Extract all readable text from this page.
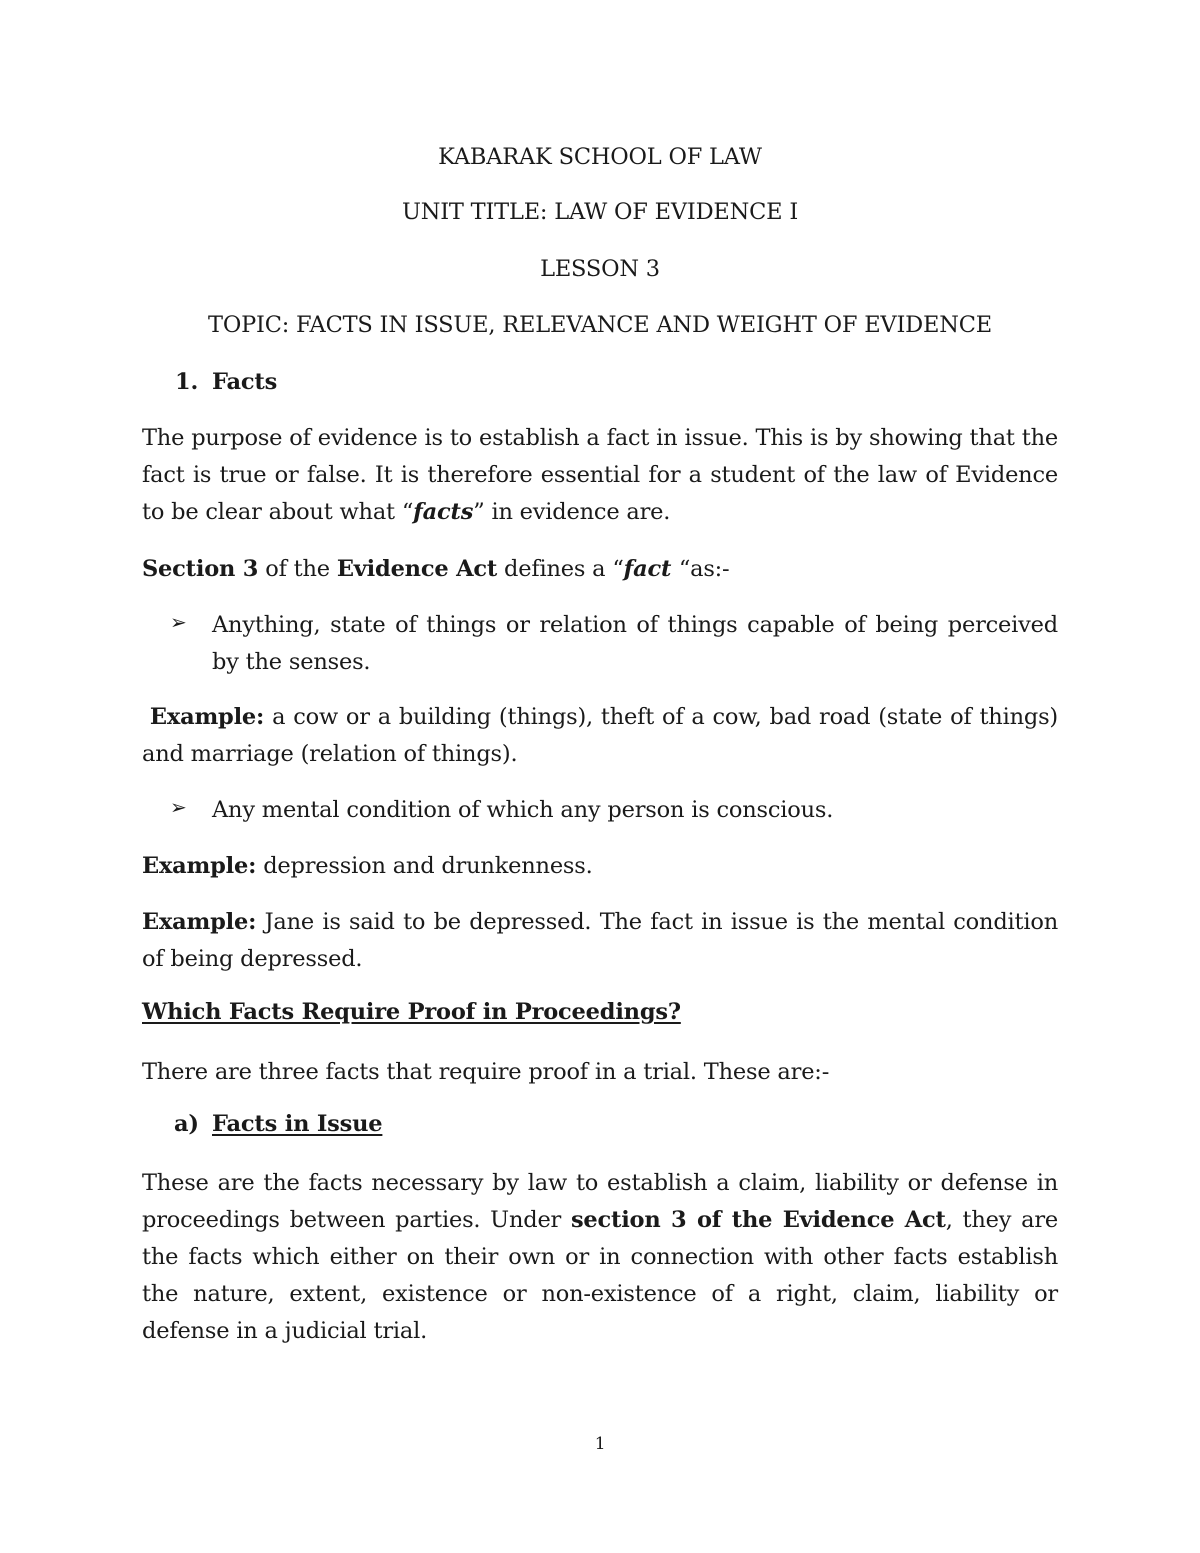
KABARAK SCHOOL OF LAW
UNIT TITLE: LAW OF EVIDENCE I
LESSON 3
TOPIC: FACTS IN ISSUE, RELEVANCE AND WEIGHT OF EVIDENCE
1. Facts
The purpose of evidence is to establish a fact in issue. This is by showing that the fact is true or false. It is therefore essential for a student of the law of Evidence to be clear about what “facts” in evidence are.
Section 3 of the Evidence Act defines a “fact “as:-
➢ Anything, state of things or relation of things capable of being perceived by the senses.
Example: a cow or a building (things), theft of a cow, bad road (state of things) and marriage (relation of things).
➢ Any mental condition of which any person is conscious.
Example: depression and drunkenness.
Example: Jane is said to be depressed. The fact in issue is the mental condition of being depressed.
Which Facts Require Proof in Proceedings?
There are three facts that require proof in a trial. These are:-
a) Facts in Issue
These are the facts necessary by law to establish a claim, liability or defense in proceedings between parties. Under section 3 of the Evidence Act, they are the facts which either on their own or in connection with other facts establish the nature, extent, existence or non-existence of a right, claim, liability or defense in a judicial trial.
1
